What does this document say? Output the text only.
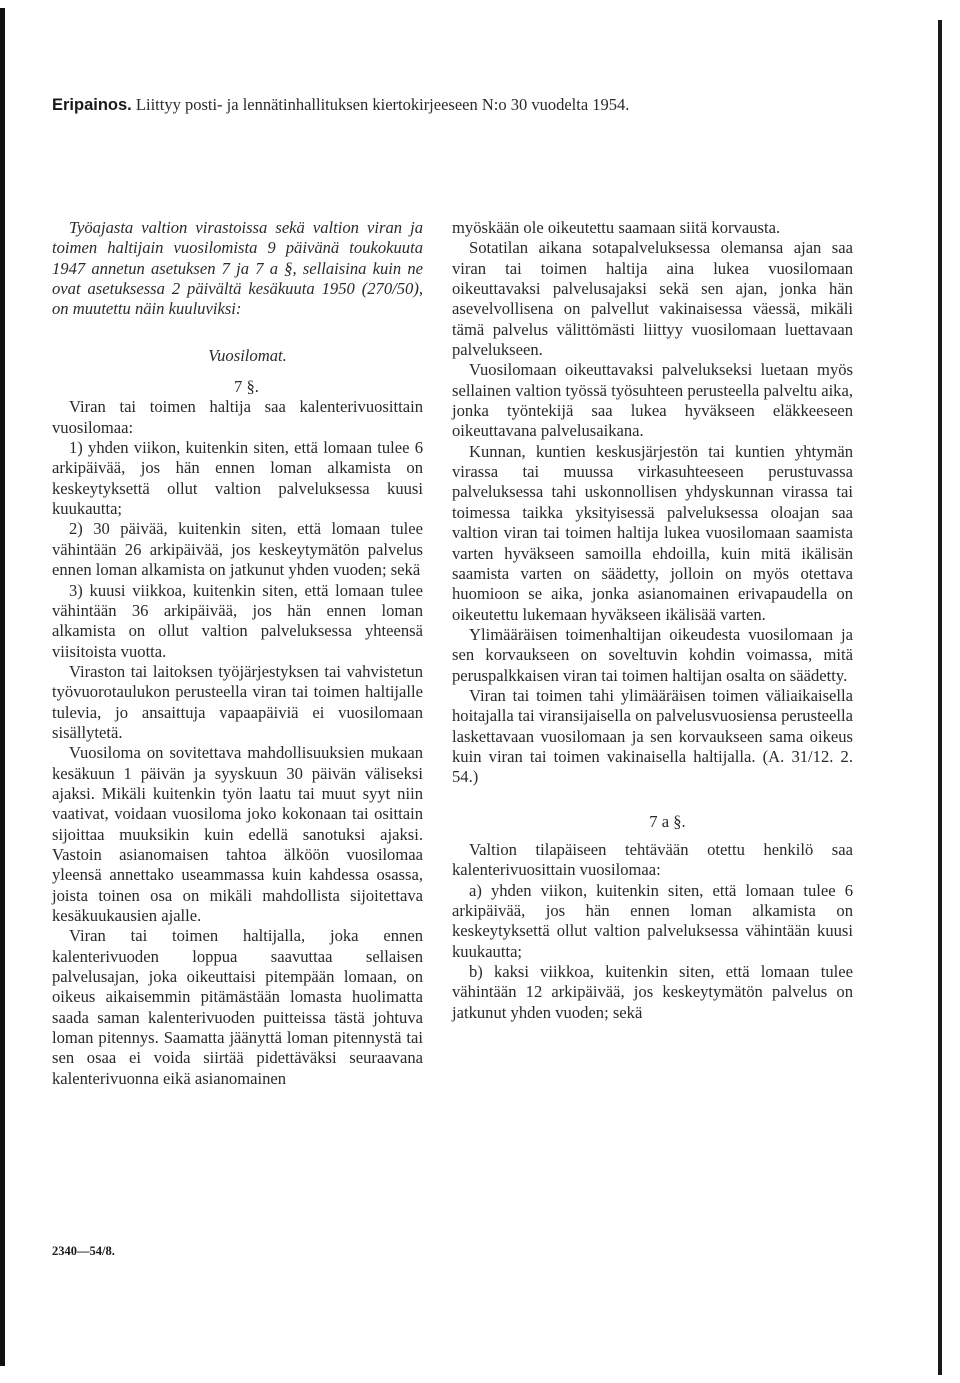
Eripainos. Liittyy posti- ja lennätinhallituksen kiertokirjeeseen N:o 30 vuodelta 1954.

Työajasta valtion virastoissa sekä valtion viran ja toimen haltijain vuosilomista 9 päivänä toukokuuta 1947 annetun asetuksen 7 ja 7 a §, sellaisina kuin ne ovat asetuksessa 2 päivältä kesäkuuta 1950 (270/50), on muutettu näin kuuluviksi:

Vuosilomat.

7 §.

Viran tai toimen haltija saa kalenterivuosittain vuosilomaa:

1) yhden viikon, kuitenkin siten, että lomaan tulee 6 arkipäivää, jos hän ennen loman alkamista on keskeytyksettä ollut valtion palveluksessa kuusi kuukautta;

2) 30 päivää, kuitenkin siten, että lomaan tulee vähintään 26 arkipäivää, jos keskeytymätön palvelus ennen loman alkamista on jatkunut yhden vuoden; sekä

3) kuusi viikkoa, kuitenkin siten, että lomaan tulee vähintään 36 arkipäivää, jos hän ennen loman alkamista on ollut valtion palveluksessa yhteensä viisitoista vuotta.

Viraston tai laitoksen työjärjestyksen tai vahvistetun työvuorotaulukon perusteella viran tai toimen haltijalle tulevia, jo ansaittuja vapaapäiviä ei vuosilomaan sisällytetä.

Vuosiloma on sovitettava mahdollisuuksien mukaan kesäkuun 1 päivän ja syyskuun 30 päivän väliseksi ajaksi. Mikäli kuitenkin työn laatu tai muut syyt niin vaativat, voidaan vuosiloma joko kokonaan tai osittain sijoittaa muuksikin kuin edellä sanotuksi ajaksi. Vastoin asianomaisen tahtoa älköön vuosilomaa yleensä annettako useammassa kuin kahdessa osassa, joista toinen osa on mikäli mahdollista sijoitettava kesäkuukausien ajalle.

Viran tai toimen haltijalla, joka ennen kalenterivuoden loppua saavuttaa sellaisen palvelusajan, joka oikeuttaisi pitempään lomaan, on oikeus aikaisemmin pitämästään lomasta huolimatta saada saman kalenterivuoden puitteissa tästä johtuva loman pitennys. Saamatta jäänyttä loman pitennystä tai sen osaa ei voida siirtää pidettäväksi seuraavana kalenterivuonna eikä asianomainen

myöskään ole oikeutettu saamaan siitä korvausta.

Sotatilan aikana sotapalveluksessa olemansa ajan saa viran tai toimen haltija aina lukea vuosilomaan oikeuttavaksi palvelusajaksi sekä sen ajan, jonka hän asevelvollisena on palvellut vakinaisessa väessä, mikäli tämä palvelus välittömästi liittyy vuosilomaan luettavaan palvelukseen.

Vuosilomaan oikeuttavaksi palvelukseksi luetaan myös sellainen valtion työssä työsuhteen perusteella palveltu aika, jonka työntekijä saa lukea hyväkseen eläkkeeseen oikeuttavana palvelusaikana.

Kunnan, kuntien keskusjärjestön tai kuntien yhtymän virassa tai muussa virkasuhteeseen perustuvassa palveluksessa tahi uskonnollisen yhdyskunnan virassa tai toimessa taikka yksityisessä palveluksessa oloajan saa valtion viran tai toimen haltija lukea vuosilomaan saamista varten hyväkseen samoilla ehdoilla, kuin mitä ikälisän saamista varten on säädetty, jolloin on myös otettava huomioon se aika, jonka asianomainen erivapaudella on oikeutettu lukemaan hyväkseen ikälisää varten.

Ylimääräisen toimenhaltijan oikeudesta vuosilomaan ja sen korvaukseen on soveltuvin kohdin voimassa, mitä peruspalkkaisen viran tai toimen haltijan osalta on säädetty.

Viran tai toimen tahi ylimääräisen toimen väliaikaisella hoitajalla tai viransijaisella on palvelusvuosiensa perusteella laskettavaan vuosilomaan ja sen korvaukseen sama oikeus kuin viran tai toimen vakinaisella haltijalla. (A. 31/12. 2. 54.)

7 a §.

Valtion tilapäiseen tehtävään otettu henkilö saa kalenterivuosittain vuosilomaa:

a) yhden viikon, kuitenkin siten, että lomaan tulee 6 arkipäivää, jos hän ennen loman alkamista on keskeytyksettä ollut valtion palveluksessa vähintään kuusi kuukautta;

b) kaksi viikkoa, kuitenkin siten, että lomaan tulee vähintään 12 arkipäivää, jos keskeytymätön palvelus on jatkunut yhden vuoden; sekä

2340—54/8.
